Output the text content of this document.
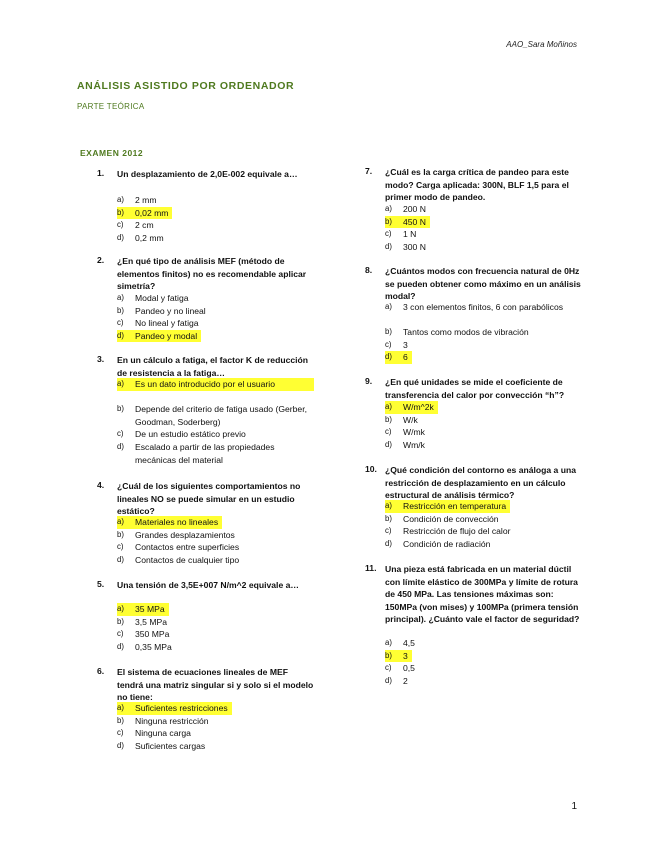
AAO_Sara Moñinos
ANÁLISIS ASISTIDO POR ORDENADOR
PARTE TEÓRICA
EXAMEN 2012
1. Un desplazamiento de 2,0E-002 equivale a…
a)	2 mm
b)	0,02 mm
c)	2 cm
d)	0,2 mm
2. ¿En qué tipo de análisis MEF (método de elementos finitos) no es recomendable aplicar simetría?
a)	Modal y fatiga
b)	Pandeo y no lineal
c)	No lineal y fatiga
d)	Pandeo y modal
3. En un cálculo a fatiga, el factor K de reducción de resistencia a la fatiga…
a)	Es un dato introducido por el usuario
b)	Depende del criterio de fatiga usado (Gerber, Goodman, Soderberg)
c)	De un estudio estático previo
d)	Escalado a partir de las propiedades mecánicas del material
4. ¿Cuál de los siguientes comportamientos no lineales NO se puede simular en un estudio estático?
a)	Materiales no lineales
b)	Grandes desplazamientos
c)	Contactos entre superficies
d)	Contactos de cualquier tipo
5. Una tensión de 3,5E+007 N/m^2 equivale a…
a)	35 MPa
b)	3,5 MPa
c)	350 MPa
d)	0,35 MPa
6. El sistema de ecuaciones lineales de MEF tendrá una matriz singular si y solo si el modelo no tiene:
a)	Suficientes restricciones
b)	Ninguna restricción
c)	Ninguna carga
d)	Suficientes cargas
7. ¿Cuál es la carga crítica de pandeo para este modo? Carga aplicada: 300N, BLF 1,5 para el primer modo de pandeo.
a)	200 N
b)	450 N
c)	1 N
d)	300 N
8. ¿Cuántos modos con frecuencia natural de 0Hz se pueden obtener como máximo en un análisis modal?
a)	3 con elementos finitos, 6 con parabólicos
b)	Tantos como modos de vibración
c)	3
d)	6
9. ¿En qué unidades se mide el coeficiente de transferencia del calor por convección “h”?
a)	W/m^2k
b)	W/k
c)	W/mk
d)	Wm/k
10. ¿Qué condición del contorno es análoga a una restricción de desplazamiento en un cálculo estructural de análisis térmico?
a)	Restricción en temperatura
b)	Condición de convección
c)	Restricción de flujo del calor
d)	Condición de radiación
11. Una pieza está fabricada en un material dúctil con límite elástico de 300MPa y límite de rotura de 450 MPa. Las tensiones máximas son: 150MPa (von mises) y 100MPa (primera tensión principal). ¿Cuánto vale el factor de seguridad?
a)	4,5
b)	3
c)	0,5
d)	2
1
